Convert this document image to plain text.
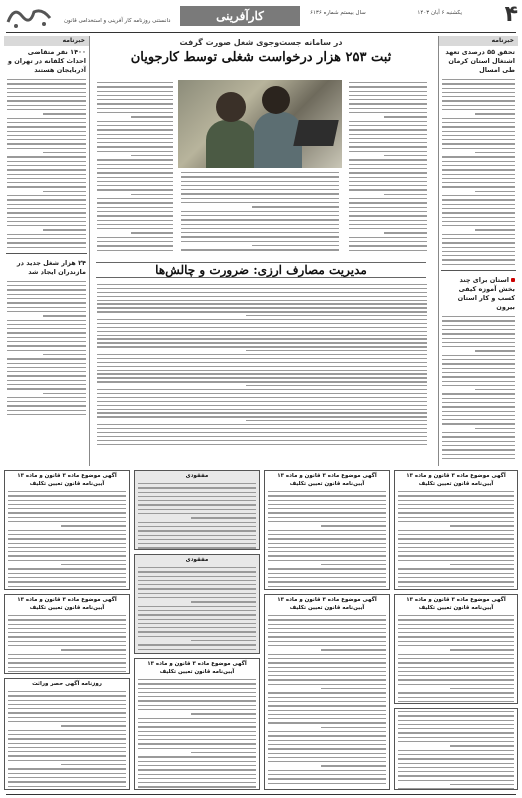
۴
کارآفرینی	یکشنبه ۶ آبان ۱۴۰۳
سال بیستم شماره ۶۱۳۶
دانستنی روزنامه کار آفرینی و استخدامی قانون
خبرنامه
تحقق ۵۵ درصدی تعهد اشتغال استان کرمان طی امسال
استان برای چند بخش آموزه کیفی کسب و کار استان بیرون
خبرنامه
۱۴۰۰ نفر متقاضی احداث کلفانه در تهران و آذربایجان هستند
۲۴ هزار شغل جدید در مازندران ایجاد شد
در سامانه جست‌وجوی شغل صورت گرفت
ثبت ۲۵۳ هزار درخواست شغلی توسط کارجویان
مدیریت مصارف ارزی: ضرورت و چالش‌ها
آگهی موضوع ماده ۳ قانون و ماده ۱۳ آیین‌نامه قانون تعیین تکلیف
آگهی موضوع ماده ۳ قانون و ماده ۱۳ آیین‌نامه قانون تعیین تکلیف
مفقودی
آگهی موضوع ماده ۳ قانون و ماده ۱۳ آیین‌نامه قانون تعیین تکلیف
مفقودی
آگهی موضوع ماده ۳ قانون و ماده ۱۳ آیین‌نامه قانون تعیین تکلیف
آگهی موضوع ماده ۳ قانون و ماده ۱۳ آیین‌نامه قانون تعیین تکلیف
آگهی موضوع ماده ۳ قانون و ماده ۱۳ آیین‌نامه قانون تعیین تکلیف
آگهی موضوع ماده ۳ قانون و ماده ۱۳ آیین‌نامه قانون تعیین تکلیف
روزنامه آگهی حصر وراثت
